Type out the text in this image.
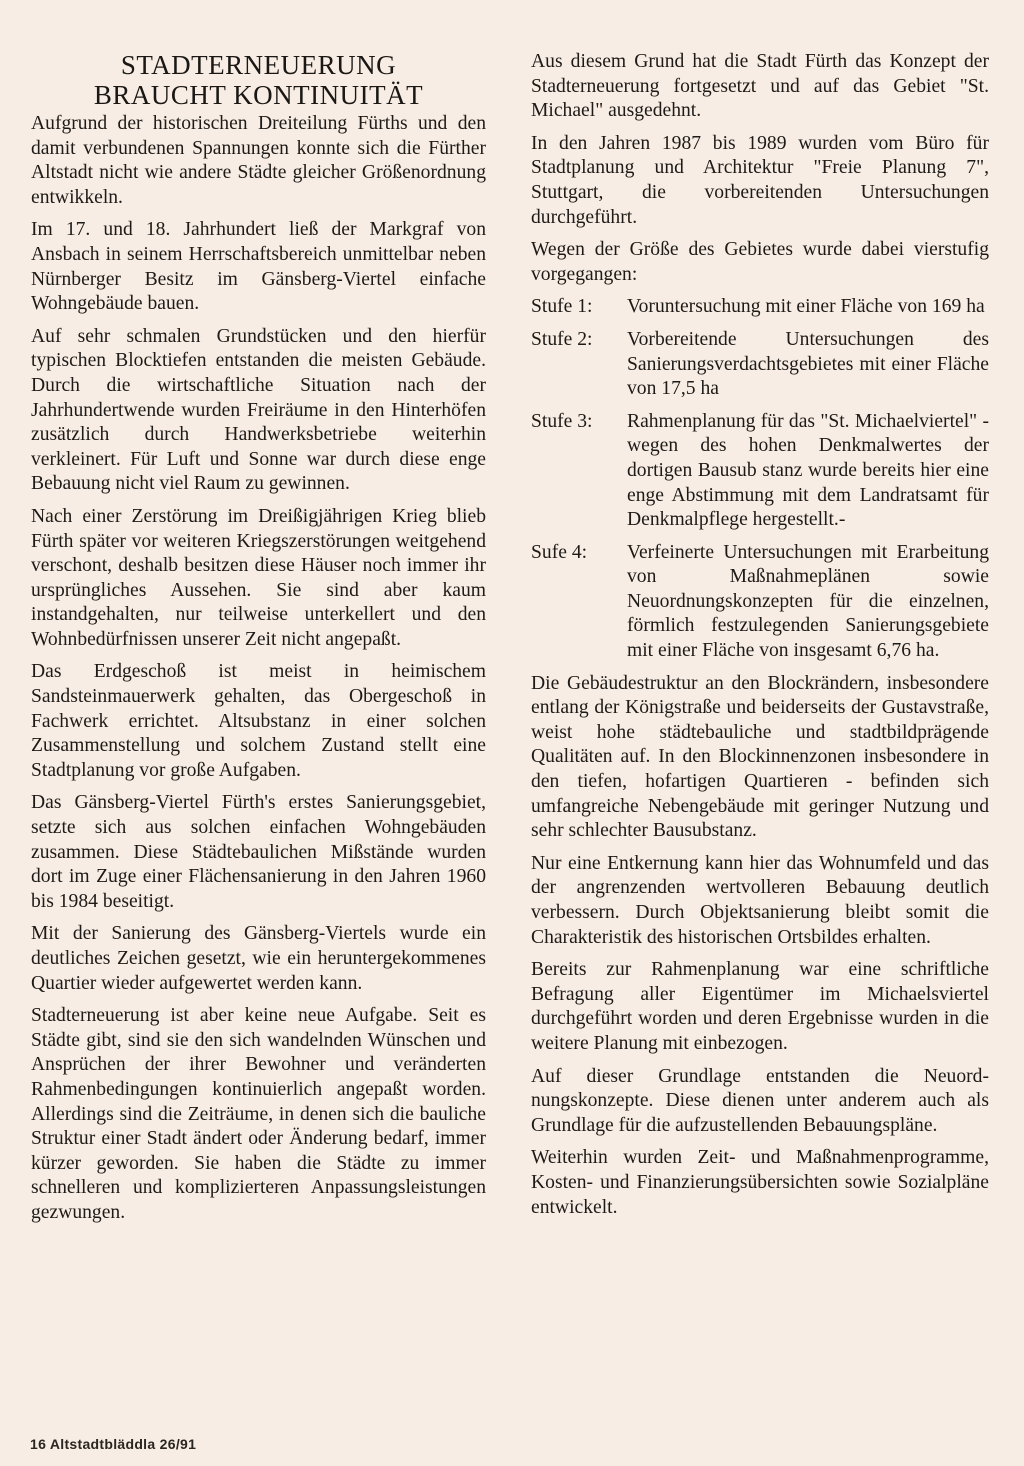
STADTERNEUERUNG
BRAUCHT KONTINUITÄT

Aufgrund der historischen Dreiteilung Fürths und den damit verbundenen Spannungen konnte sich die Fürther Altstadt nicht wie andere Städte gleicher Größenordnung entwikkeln.

Im 17. und 18. Jahrhundert ließ der Markgraf von Ansbach in seinem Herrschaftsbereich unmittelbar neben Nürnberger Besitz im Gänsberg-Viertel einfache Wohngebäude bauen.

Auf sehr schmalen Grundstücken und den hierfür typischen Blocktiefen entstanden die meisten Gebäude. Durch die wirtschaftliche Situation nach der Jahrhundertwende wurden Freiräume in den Hinterhöfen zusätzlich durch Handwerksbetriebe weiterhin verkleinert. Für Luft und Sonne war durch diese enge Bebauung nicht viel Raum zu gewinnen.

Nach einer Zerstörung im Dreißigjährigen Krieg blieb Fürth später vor weiteren Kriegszerstörungen weitgehend verschont, deshalb besitzen diese Häuser noch immer ihr ursprüngliches Aussehen. Sie sind aber kaum instandgehalten, nur teilweise unterkellert und den Wohnbedürfnissen unserer Zeit nicht angepaßt.

Das Erdgeschoß ist meist in heimischem Sandsteinmauerwerk gehalten, das Obergeschoß in Fachwerk errichtet. Altsubstanz in einer solchen Zusammenstellung und solchem Zustand stellt eine Stadtplanung vor große Aufgaben.

Das Gänsberg-Viertel Fürth's erstes Sanierungsgebiet, setzte sich aus solchen einfachen Wohngebäuden zusammen. Diese Städtebaulichen Mißstände wurden dort im Zuge einer Flächensanierung in den Jahren 1960 bis 1984 beseitigt.

Mit der Sanierung des Gänsberg-Viertels wurde ein deutliches Zeichen gesetzt, wie ein heruntergekommenes Quartier wieder aufgewertet werden kann.

Stadterneuerung ist aber keine neue Aufgabe. Seit es Städte gibt, sind sie den sich wandelnden Wünschen und Ansprüchen der ihrer Bewohner und veränderten Rahmenbedingungen kontinuierlich angepaßt worden. Allerdings sind die Zeiträume, in denen sich die bauliche Struktur einer Stadt ändert oder Änderung bedarf, immer kürzer geworden. Sie haben die Städte zu immer schnelleren und komplizierteren Anpassungsleistungen gezwungen.

Aus diesem Grund hat die Stadt Fürth das Konzept der Stadterneuerung fortgesetzt und auf das Gebiet "St. Michael" ausgedehnt.

In den Jahren 1987 bis 1989 wurden vom Büro für Stadtplanung und Architektur "Freie Planung 7", Stuttgart, die vorbereitenden Untersuchungen durchgeführt.

Wegen der Größe des Gebietes wurde dabei vierstufig vorgegangen:

Stufe 1:	Voruntersuchung mit einer Fläche von 169 ha
Stufe 2:	Vorbereitende Untersuchungen des Sanierungsverdachtsgebietes mit einer Fläche von 17,5 ha
Stufe 3:	Rahmenplanung für das "St. Michaelviertel" -wegen des hohen Denkmalwertes der dortigen Bausub stanz wurde bereits hier eine enge Abstimmung mit dem Landratsamt für Denkmalpflege hergestellt.-
Sufe 4:	Verfeinerte Untersuchungen mit Erarbeitung von Maßnahmeplänen sowie Neuordnungskonzepten für die einzelnen, förmlich festzulegenden Sanierungsgebiete mit einer Fläche von insgesamt 6,76 ha.

Die Gebäudestruktur an den Blockrändern, insbesondere entlang der Königstraße und beiderseits der Gustavstraße, weist hohe städtebauliche und stadtbildprägende Qualitäten auf. In den Blockinnenzonen insbesondere in den tiefen, hofartigen Quartieren - befinden sich umfangreiche Nebengebäude mit geringer Nutzung und sehr schlechter Bausubstanz.

Nur eine Entkernung kann hier das Wohnumfeld und das der angrenzenden wertvolleren Bebauung deutlich verbessern. Durch Objektsanierung bleibt somit die Charakteristik des historischen Ortsbildes erhalten.

Bereits zur Rahmenplanung war eine schriftliche Befragung aller Eigentümer im Michaelsviertel durchgeführt worden und deren Ergebnisse wurden in die weitere Planung mit einbezogen.

Auf dieser Grundlage entstanden die Neuordnungskonzepte. Diese dienen unter anderem auch als Grundlage für die aufzustellenden Bebauungspläne.

Weiterhin wurden Zeit- und Maßnahmenprogramme, Kosten- und Finanzierungsübersichten sowie Sozialpläne entwickelt.

16 Altstadtbläddla 26/91
